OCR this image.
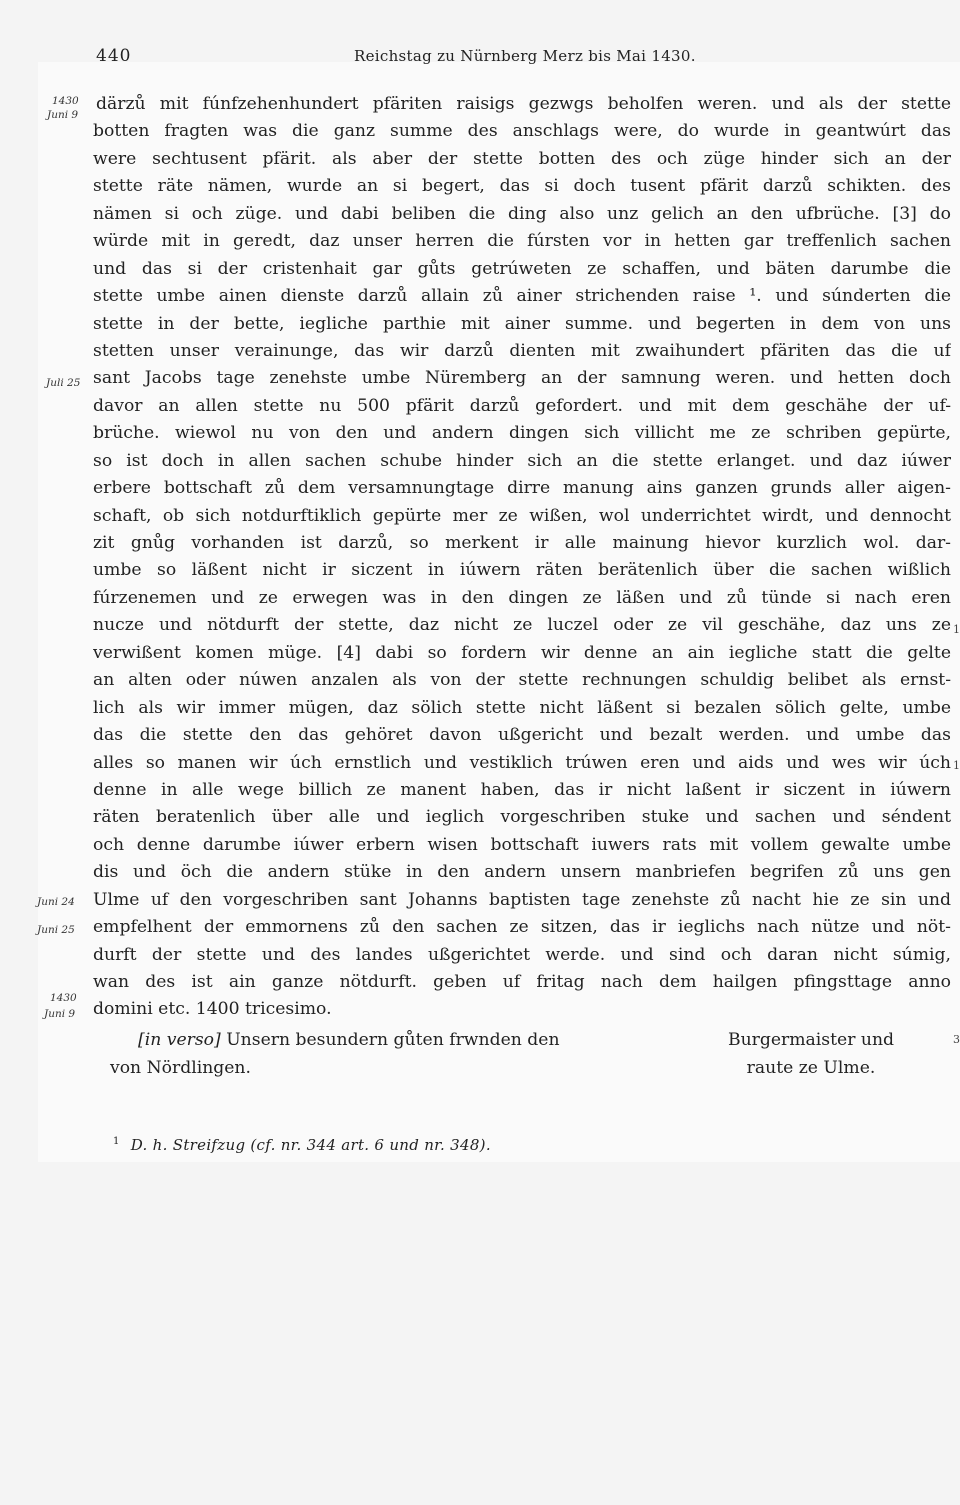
440	Reichstag zu Nürnberg Merz bis Mai 1430.
1430
Juni 9
Juli 25
Juni 24
Juni 25
1430
Juni 9
1
1
3
därzů mit fúnfzehenhundert pfäriten raisigs gezwgs beholfen weren. und als der stette
botten fragten was die ganz summe des anschlags were, do wurde in geantwúrt das
were sechtusent pfärit. als aber der stette botten des och züge hinder sich an der
stette räte nämen, wurde an si begert, das si doch tusent pfärit darzů schikten. des
nämen si och züge. und dabi beliben die ding also unz gelich an den ufbrüche. [3] do
würde mit in geredt, daz unser herren die fúrsten vor in hetten gar treffenlich sachen
und das si der cristenhait gar gůts getrúweten ze schaffen, und bäten darumbe die
stette umbe ainen dienste darzů allain zů ainer strichenden raise ¹. und súnderten die
stette in der bette, iegliche parthie mit ainer summe. und begerten in dem von uns
stetten unser verainunge, das wir darzů dienten mit zwaihundert pfäriten das die uf
sant Jacobs tage zenehste umbe Nüremberg an der samnung weren. und hetten doch
davor an allen stette nu 500 pfärit darzů gefordert. und mit dem geschähe der uf-
brüche. wiewol nu von den und andern dingen sich villicht me ze schriben gepürte,
so ist doch in allen sachen schube hinder sich an die stette erlanget. und daz iúwer
erbere bottschaft zů dem versamnungtage dirre manung ains ganzen grunds aller aigen-
schaft, ob sich notdurftiklich gepürte mer ze wißen, wol underrichtet wirdt, und dennocht
zit gnůg vorhanden ist darzů, so merkent ir alle mainung hievor kurzlich wol. dar-
umbe so läßent nicht ir siczent in iúwern räten berätenlich über die sachen wißlich
fúrzenemen und ze erwegen was in den dingen ze läßen und zů tünde si nach eren
nucze und nötdurft der stette, daz nicht ze luczel oder ze vil geschähe, daz uns ze
verwißent komen müge. [4] dabi so fordern wir denne an ain iegliche statt die gelte
an alten oder núwen anzalen als von der stette rechnungen schuldig belibet als ernst-
lich als wir immer mügen, daz sölich stette nicht läßent si bezalen sölich gelte, umbe
das die stette den das gehöret davon ußgericht und bezalt werden. und umbe das
alles so manen wir úch ernstlich und vestiklich trúwen eren und aids und wes wir úch
denne in alle wege billich ze manent haben, das ir nicht laßent ir siczent in iúwern
räten beratenlich über alle und ieglich vorgeschriben stuke und sachen und séndent
och denne darumbe iúwer erbern wisen bottschaft iuwers rats mit vollem gewalte umbe
dis und öch die andern stüke in den andern unsern manbriefen begrifen zů uns gen
Ulme uf den vorgeschriben sant Johanns baptisten tage zenehste zů nacht hie ze sin und
empfelhent der emmornens zů den sachen ze sitzen, das ir ieglichs nach nütze und nöt-
durft der stette und des landes ußgerichtet werde. und sind och daran nicht súmig,
wan des ist ain ganze nötdurft. geben uf fritag nach dem hailgen pfingsttage anno
domini etc. 1400 tricesimo.
[in verso] Unsern besundern gůten frwnden den
von Nördlingen.
Burgermaister und
raute ze Ulme.
$^1$ D. h. Streifzug (cf. nr. 344 art. 6 und nr. 348).
